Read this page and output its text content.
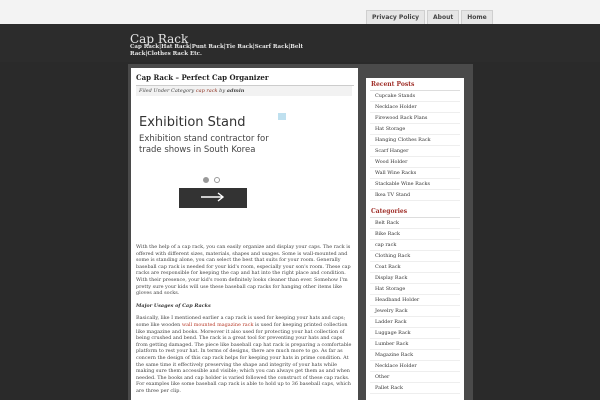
Privacy Policy	About	Home
Cap Rack
Cap Rack|Hat Rack|Punt Rack|Tie Rack|Scarf Rack|Belt Rack|Clothes Rack Etc.
Cap Rack – Perfect Cap Organizer
Filed Under Category cap rack by admin
Exhibition Stand
Exhibition stand contractor for trade shows in South Korea

With the help of a cap rack, you can easily organize and display your caps. The rack is offered with different sizes, materials, shapes and usages. Some is wall-mounted and some is standing alone, you can select the best that suits for your room. Generally baseball cap rack is needed for your kid's room, especially your son's room. These cap racks are responsible for keeping the cap and hat into the right place and condition. With their presence, your kid's room definitely looks cleaner than ever. Somehow I'm pretty sure your kids will use these baseball cap racks for hanging other items like gloves and socks.

Major Usages of Cap Racks

Basically, like I mentioned earlier a cap rack is used for keeping your hats and caps; some like wooden wall mounted magazine rack is used for keeping printed collection like magazine and books. Moreover it also used for protecting your hat collection of being crushed and bend. The rack is a great tool for preventing your hats and caps from getting damaged. The piece like baseball cap hat rack is preparing a comfortable platform to rest your hat. In terms of designs, there are much more to go. As far as concern the design of this cap rack helps for keeping your hats in prime condition. At the same time it effectively preserving the shape and integrity of your hats while making sure them accessible and visible; which you can always get them as and when needed. The books and cap holder is varied followed the construct of these cap racks. For examples like some baseball cap rack is able to hold up to 36 baseball caps, which are three per clip.

Recent Posts
Cupcake Stands
Necklace Holder
Firewood Rack Plans
Hat Storage
Hanging Clothes Rack
Scarf Hanger
Wood Holder
Wall Wine Racks
Stackable Wine Racks
Ikea TV Stand
Categories
Belt Rack
Bike Rack
cap rack
Clothing Rack
Coat Rack
Display Rack
Hat Storage
Headband Holder
Jewelry Rack
Ladder Rack
Luggage Rack
Lumber Rack
Magazine Rack
Necklace Holder
Other
Pallet Rack
